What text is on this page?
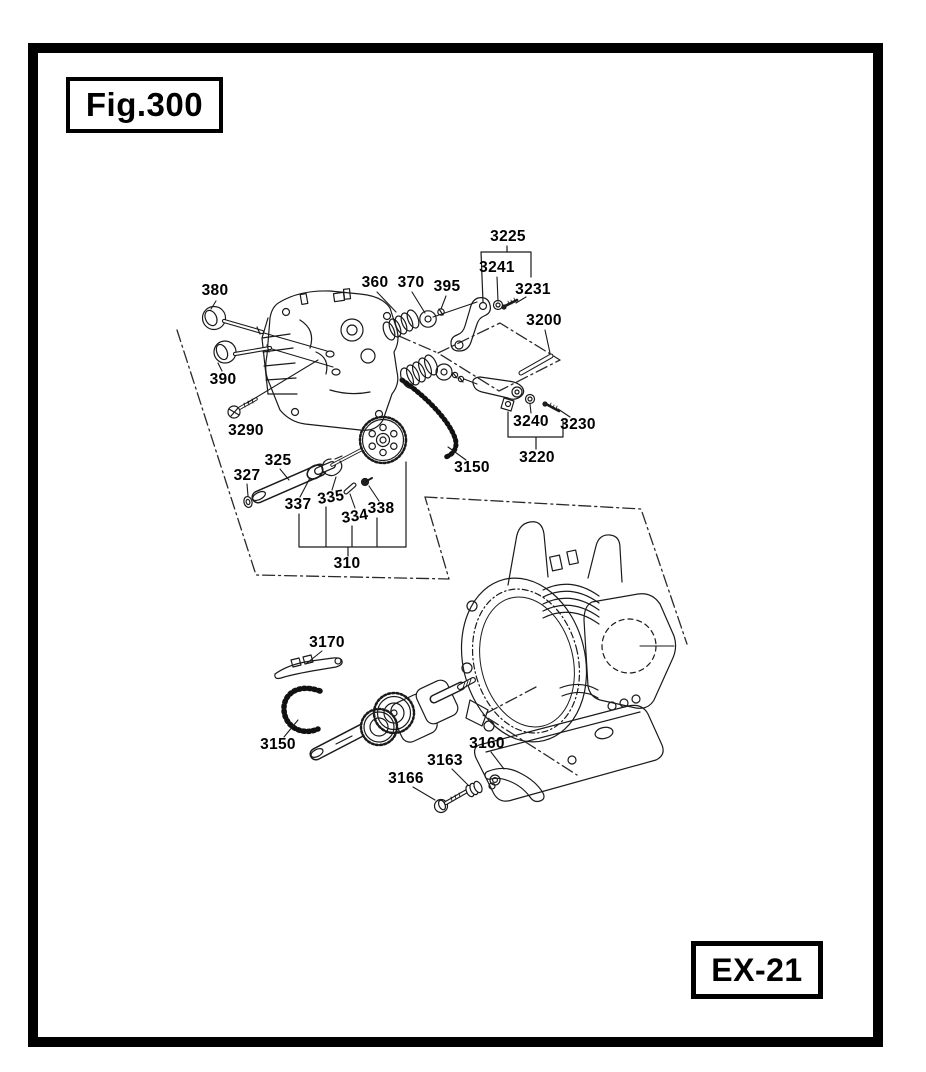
Fig.300
EX-21
380
390
3290
360 370 395
3225
3241
3231
3200
3240 3230
3220
3150
325
327
337 335
334
338
310
3170
3150	3160
3163
3166
